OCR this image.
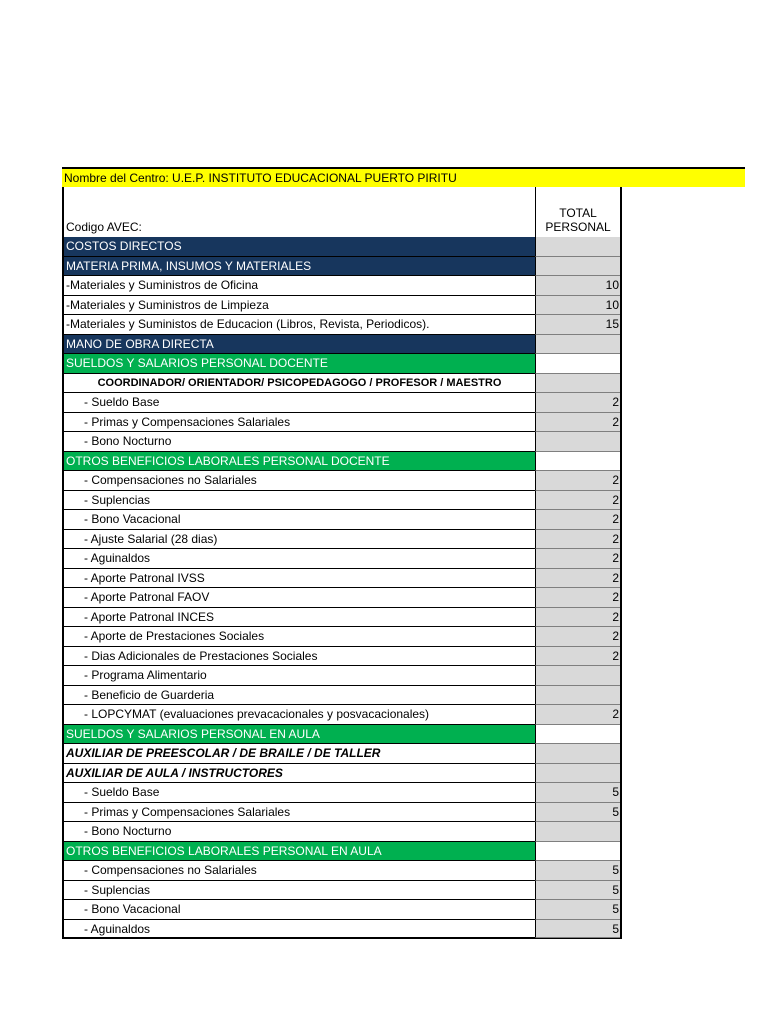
Nombre del Centro: U.E.P. INSTITUTO EDUCACIONAL PUERTO PIRITU
Codigo AVEC:
TOTAL
PERSONAL
COSTOS DIRECTOS
MATERIA PRIMA, INSUMOS Y MATERIALES
-Materiales y Suministros de Oficina	10
-Materiales y Suministros de Limpieza	10
-Materiales y Suministos de Educacion (Libros, Revista, Periodicos).	15
MANO DE OBRA DIRECTA
SUELDOS Y SALARIOS PERSONAL DOCENTE
COORDINADOR/ ORIENTADOR/ PSICOPEDAGOGO / PROFESOR / MAESTRO
- Sueldo Base	2
- Primas y Compensaciones Salariales	2
- Bono Nocturno
OTROS BENEFICIOS LABORALES PERSONAL DOCENTE
- Compensaciones no Salariales	2
- Suplencias	2
- Bono Vacacional	2
- Ajuste Salarial (28 dias)	2
- Aguinaldos	2
- Aporte Patronal IVSS	2
- Aporte Patronal FAOV	2
- Aporte Patronal INCES	2
- Aporte de Prestaciones Sociales	2
- Dias Adicionales de Prestaciones Sociales	2
- Programa Alimentario
- Beneficio de Guarderia
- LOPCYMAT (evaluaciones prevacacionales y posvacacionales)	2
SUELDOS Y SALARIOS PERSONAL EN AULA
AUXILIAR DE PREESCOLAR / DE BRAILE / DE TALLER
AUXILIAR DE AULA / INSTRUCTORES
- Sueldo Base	5
- Primas y Compensaciones Salariales	5
- Bono Nocturno
OTROS BENEFICIOS LABORALES PERSONAL EN AULA
- Compensaciones no Salariales	5
- Suplencias	5
- Bono Vacacional	5
- Aguinaldos	5
